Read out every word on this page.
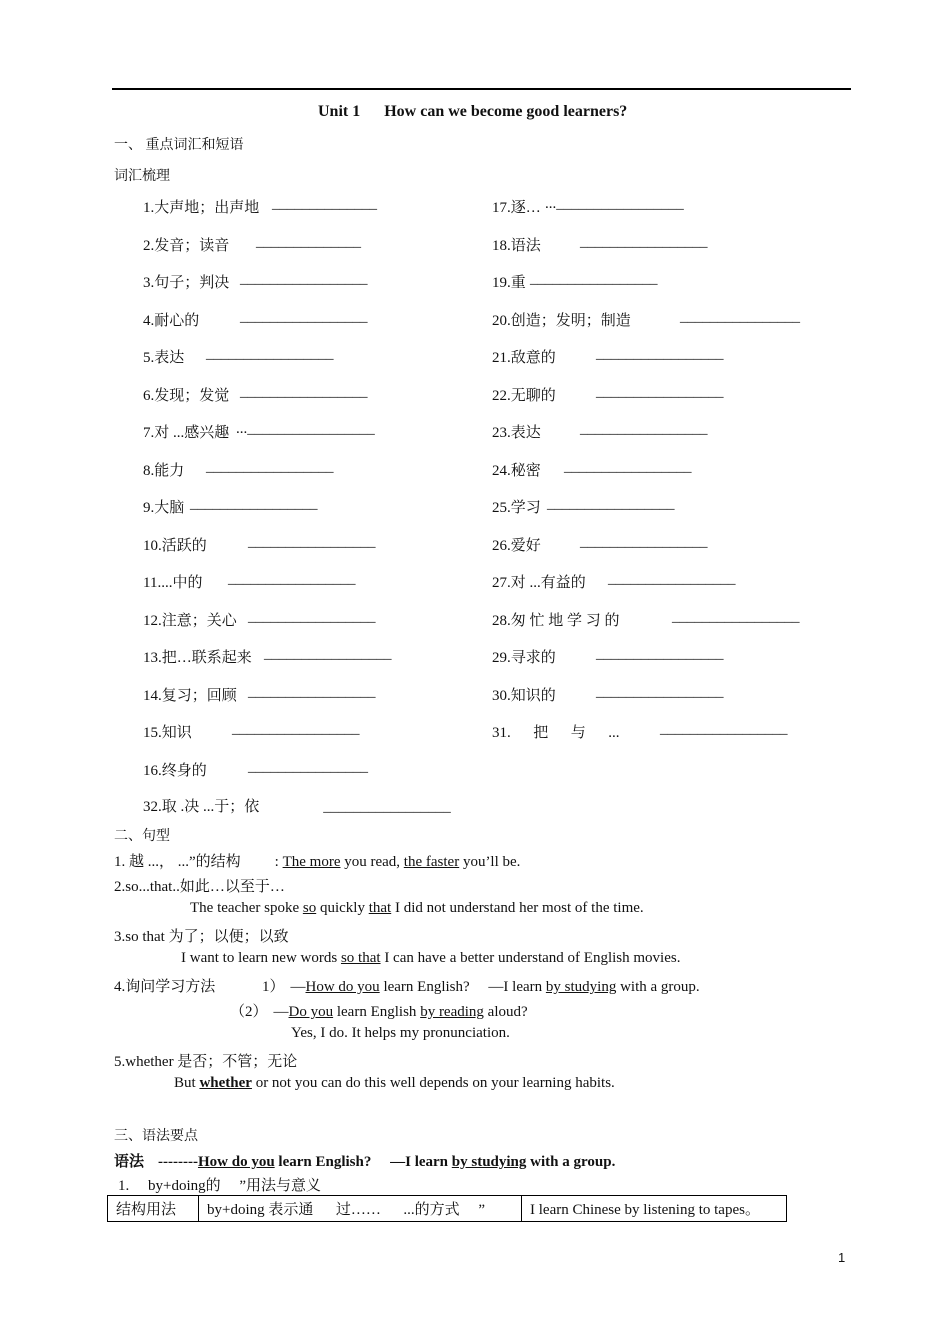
Unit 1 How can we become good learners?
一、 重点词汇和短语
词汇梳理
1.大声地；出声地 ______________
2.发音；读音 ______________
3.句子；判决 _________________
4.耐心的	_________________
5.表达 _________________
6.发现；发觉 _________________
7.对 ...感兴趣 ..._________________
8.能力 _________________
9.大脑 _________________
10.活跃的	_________________
11....中的 _________________
12.注意；关心 _________________
13.把…联系起来 _________________
14.复习；回顾 _________________
15.知识	_________________
16.终身的	________________
17.逐… ..._________________
18.语法	_________________
19.重 _________________
20.创造；发明；制造	________________
21.敌意的	_________________
22.无聊的	_________________
23.表达	_________________
24.秘密 _________________
25.学习 _________________
26.爱好	_________________
27.对 ...有益的 _________________
28.匆 忙 地 学 习 的	_________________
29.寻求的	_________________
30.知识的	_________________
31. 　 把 　 与 　 ...	_________________
32.取 .决 ...于；依	_________________
二、句型
1. 越 ...， ...”的结构 : The more you read, the faster you’ll be.
2.so...that..如此…以至于…
The teacher spoke so quickly that I did not understand her most of the time.
3.so that 为了；以便；以致
I want to learn new words so that I can have a better understand of English movies.
4.询问学习方法	1） —How do you learn English?　 —I learn by studying with a group.
（2） —Do you learn English by reading aloud?
Yes, I do. It helps my pronunciation.
5.whether 是否；不管；无论
But whether or not you can do this well depends on your learning habits.
三、语法要点
语法 --------How do you learn English?　 —I learn by studying with a group.
1.　 by+doing的 　”用法与意义
结构用法	by+doing 表示通 　 过…… 　 ...的方式　 ”	I learn Chinese by listening to tapes。
1
